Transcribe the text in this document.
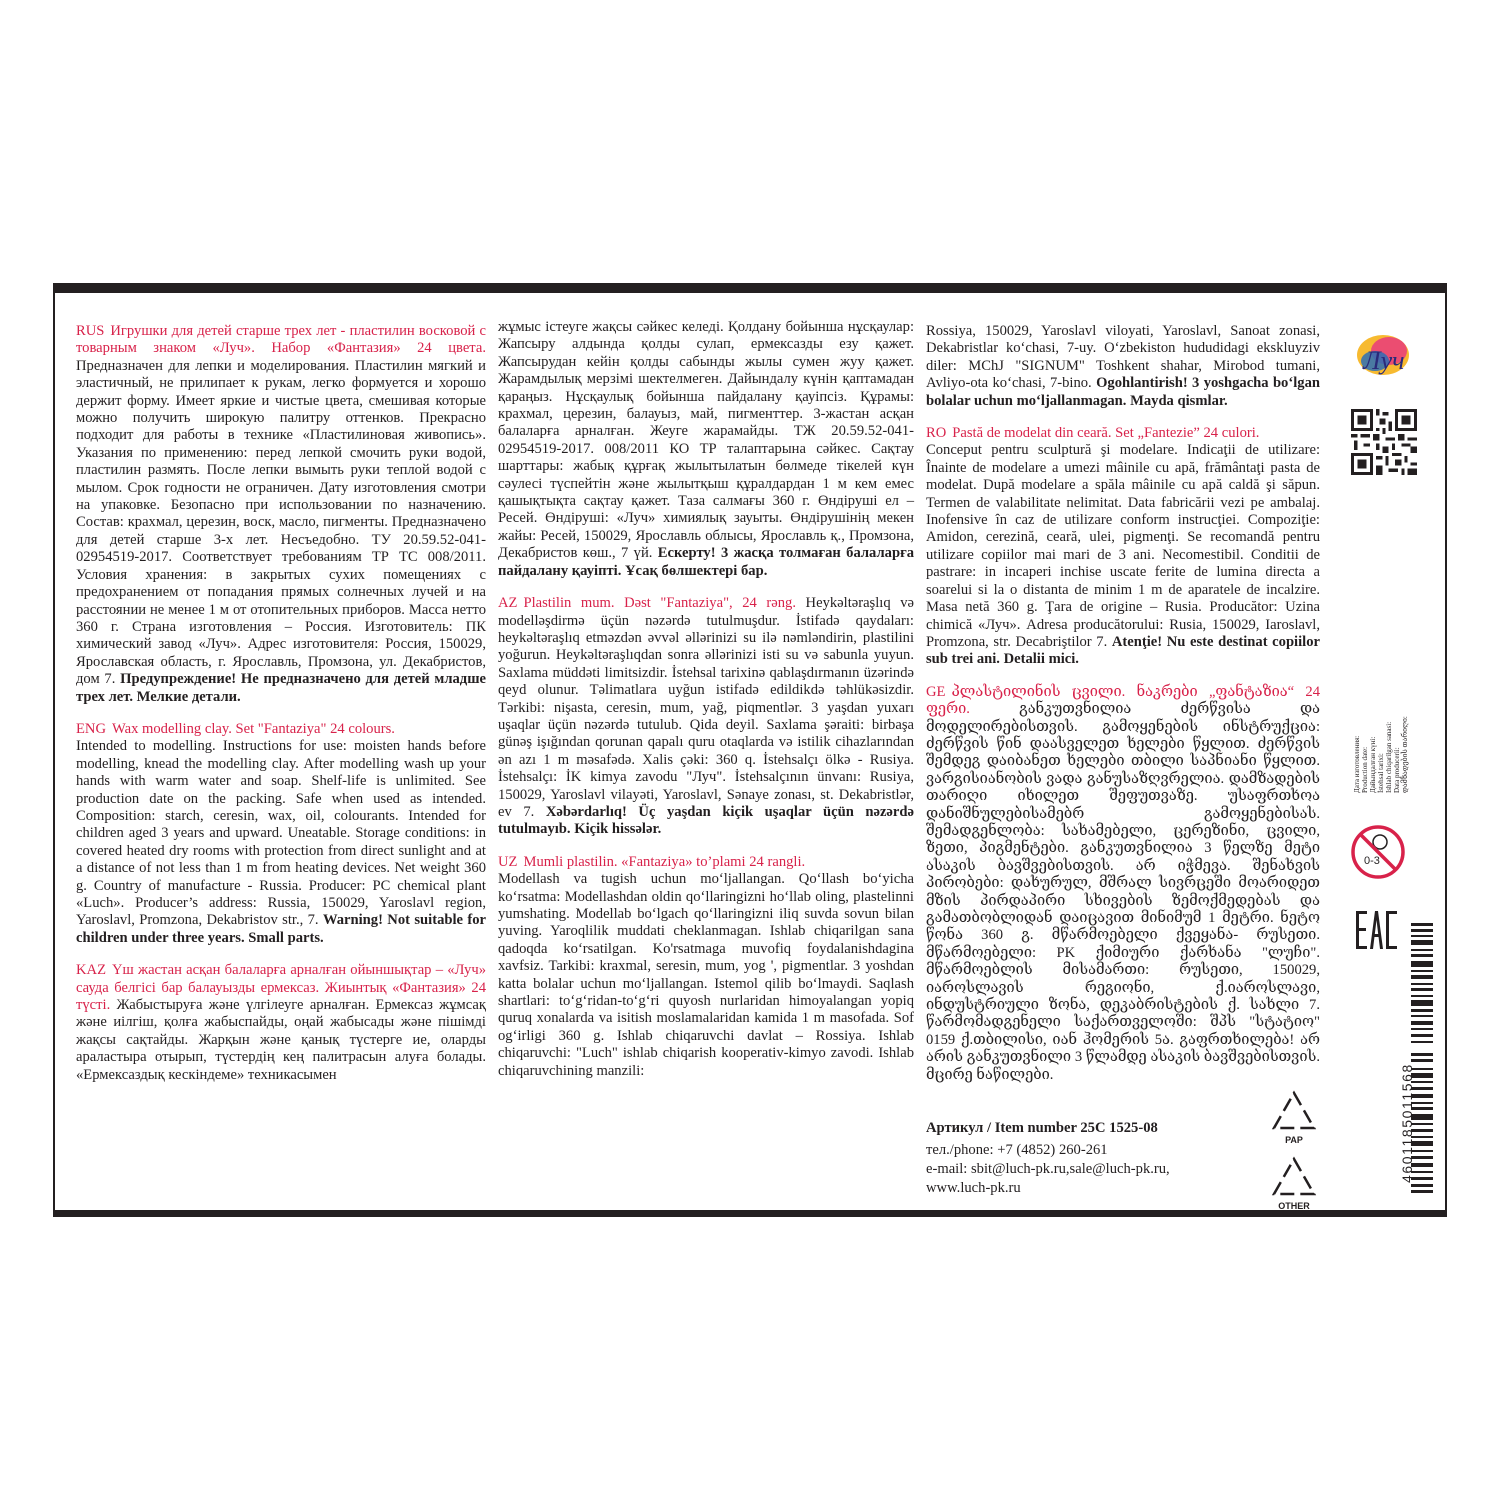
RUS Игрушки для детей старше трех лет - пластилин восковой с товарным знаком «Луч». Набор «Фантазия» 24 цвета. Предназначен для лепки и моделирования. Пластилин мягкий и эластичный, не прилипает к рукам, легко формуется и хорошо держит форму. Имеет яркие и чистые цвета, смешивая которые можно получить широкую палитру оттенков. Прекрасно подходит для работы в технике «Пластилиновая живопись». Указания по применению: перед лепкой смочить руки водой, пластилин размять. После лепки вымыть руки теплой водой с мылом. Срок годности не ограничен. Дату изготовления смотри на упаковке. Безопасно при использовании по назначению. Состав: крахмал, церезин, воск, масло, пигменты. Предназначено для детей старше 3-х лет. Несъедобно. ТУ 20.59.52-041-02954519-2017. Соответствует требованиям ТР ТС 008/2011. Условия хранения: в закрытых сухих помещениях с предохранением от попадания прямых солнечных лучей и на расстоянии не менее 1 м от отопительных приборов. Масса нетто 360 г. Страна изготовления – Россия. Изготовитель: ПК химический завод «Луч». Адрес изготовителя: Россия, 150029, Ярославская область, г. Ярославль, Промзона, ул. Декабристов, дом 7. Предупреждение! Не предназначено для детей младше трех лет. Мелкие детали.

ENG Wax modelling clay. Set "Fantaziya" 24 colours.

Intended to modelling. Instructions for use: moisten hands before modelling, knead the modelling clay. After modelling wash up your hands with warm water and soap. Shelf-life is unlimited. See production date on the packing. Safe when used as intended. Composition: starch, ceresin, wax, oil, colourants. Intended for children aged 3 years and upward. Uneatable. Storage conditions: in covered heated dry rooms with protection from direct sunlight and at a distance of not less than 1 m from heating devices. Net weight 360 g. Country of manufacture - Russia. Producer: PC chemical plant «Luch». Producer’s address: Russia, 150029, Yaroslavl region, Yaroslavl, Promzona, Dekabristov str., 7. Warning! Not suitable for children under three years. Small parts.

KAZ Үш жастан асқан балаларға арналған ойыншықтар – «Луч» сауда белгісі бар балауызды ермексаз. Жиынтық «Фантазия» 24 түсті. Жабыстыруға және үлгілеуге арналған. Ермексаз жұмсақ және иілгіш, қолға жабыспайды, оңай жабысады және пішімді жақсы сақтайды. Жарқын және қанық түстерге ие, оларды араластыра отырып, түстердің кең палитрасын алуға болады. «Ермексаздық кескіндеме» техникасымен

жұмыс істеуге жақсы сәйкес келеді. Қолдану бойынша нұсқаулар: Жапсыру алдында қолды сулап, ермексазды езу қажет. Жапсырудан кейін қолды сабынды жылы сумен жуу қажет. Жарамдылық мерзімі шектелмеген. Дайындалу күнін қаптамадан қараңыз. Нұсқаулық бойынша пайдалану қауіпсіз. Құрамы: крахмал, церезин, балауыз, май, пигменттер. 3-жастан асқан балаларға арналған. Жеуге жарамайды. ТЖ 20.59.52-041-02954519-2017. 008/2011 КО ТР талаптарына сәйкес. Сақтау шарттары: жабық құрғақ жылытылатын бөлмеде тікелей күн сәулесі түспейтін және жылытқыш құралдардан 1 м кем емес қашықтықта сақтау қажет. Таза салмағы 360 г. Өндіруші ел – Ресей. Өндіруші: «Луч» химиялық зауыты. Өндірушінің мекен жайы: Ресей, 150029, Ярославль облысы, Ярославль қ., Промзона, Декабристов көш., 7 үй. Ескерту! 3 жасқа толмаған балаларға пайдалану қауіпті. Ұсақ бөлшектері бар.

AZ Plastilin mum. Dəst "Fantaziya", 24 rəng. Heykəltəraşlıq və modelləşdirmə üçün nəzərdə tutulmuşdur. İstifadə qaydaları: heykəltəraşlıq etməzdən əvvəl əllərinizi su ilə nəmləndirin, plastilini yoğurun. Heykəltəraşlıqdan sonra əllərinizi isti su və sabunla yuyun. Saxlama müddəti limitsizdir. İstehsal tarixinə qablaşdırmanın üzərində qeyd olunur. Təlimatlara uyğun istifadə edildikdə təhlükəsizdir. Tərkibi: nişasta, ceresin, mum, yağ, piqmentlər. 3 yaşdan yuxarı uşaqlar üçün nəzərdə tutulub. Qida deyil. Saxlama şəraiti: birbaşa günəş işığından qorunan qapalı quru otaqlarda və istilik cihazlarından ən azı 1 m məsafədə. Xalis çəki: 360 q. İstehsalçı ölkə - Rusiya. İstehsalçı: İK kimya zavodu "Луч". İstehsalçının ünvanı: Rusiya, 150029, Yaroslavl vilayəti, Yaroslavl, Sənaye zonası, st. Dekabristlər, ev 7. Xəbərdarlıq! Üç yaşdan kiçik uşaqlar üçün nəzərdə tutulmayıb. Kiçik hissələr.

UZ Mumli plastilin. «Fantaziya» to’plami 24 rangli.

Modellash va tugish uchun mo‘ljallangan. Qo‘llash bo‘yicha ko‘rsatma: Modellashdan oldin qo‘llaringizni ho‘llab oling, plastelinni yumshating. Modellab bo‘lgach qo‘llaringizni iliq suvda sovun bilan yuving. Yaroqlilik muddati cheklanmagan. Ishlab chiqarilgan sana qadoqda ko‘rsatilgan. Ko'rsatmaga muvofiq foydalanishdagina xavfsiz. Tarkibi: kraxmal, seresin, mum, yog ', pigmentlar. 3 yoshdan katta bolalar uchun mo‘ljallangan. Istemol qilib bo‘lmaydi. Saqlash shartlari: to‘g‘ridan-to‘g‘ri quyosh nurlaridan himoyalangan yopiq quruq xonalarda va isitish moslamalaridan kamida 1 m masofada. Sof og‘irligi 360 g. Ishlab chiqaruvchi davlat – Rossiya. Ishlab chiqaruvchi: "Luch" ishlab chiqarish kooperativ-kimyo zavodi. Ishlab chiqaruvchining manzili:

Rossiya, 150029, Yaroslavl viloyati, Yaroslavl, Sanoat zonasi, Dekabristlar ko‘chasi, 7-uy. O‘zbekiston hududidagi ekskluyziv diler: MChJ "SIGNUM" Toshkent shahar, Mirobod tumani, Avliyo-ota ko‘chasi, 7-bino. Ogohlantirish! 3 yoshgacha bo‘lgan bolalar uchun mo‘ljallanmagan. Mayda qismlar.

RO Pastă de modelat din ceară. Set „Fantezie” 24 culori.

Conceput pentru sculptură şi modelare. Indicaţii de utilizare: Înainte de modelare a umezi mâinile cu apă, frământaţi pasta de modelat. După modelare a spăla mâinile cu apă caldă şi săpun. Termen de valabilitate nelimitat. Data fabricării vezi pe ambalaj. Inofensive în caz de utilizare conform instrucţiei. Compoziţie: Amidon, cerezină, ceară, ulei, pigmenţi. Se recomandă pentru utilizare copiilor mai mari de 3 ani. Necomestibil. Conditii de pastrare: in incaperi inchise uscate ferite de lumina directa a soarelui si la o distanta de minim 1 m de aparatele de incalzire. Masa netă 360 g. Ţara de origine – Rusia. Producător: Uzina chimică «Луч». Adresa producătorului: Rusia, 150029, Iaroslavl, Promzona, str. Decabriştilor 7. Atenţie! Nu este destinat copiilor sub trei ani. Detalii mici.

GE პლასტილინის ცვილი. ნაკრები „ფანტაზია“ 24 ფერი.	განკუთვნილია ძერწვისა და მოდელირებისთვის. გამოყენების ინსტრუქცია: ძერწვის წინ დაასველეთ ხელები წყლით. ძერწვის შემდეგ დაიბანეთ ხელები თბილი საპნიანი წყლით. ვარგისიანობის ვადა განუსაზღვრელია. დამზადების თარიღი იხილეთ შეფუთვაზე. უსაფრთხოა დანიშნულებისამებრ გამოყენებისას. შემადგენლობა: სახამებელი, ცერეზინი, ცვილი, ზეთი, პიგმენტები. განკუთვნილია 3 წელზე მეტი ასაკის ბავშვებისთვის. არ იჭმევა. შენახვის პირობები: დახურულ, მშრალ სივრცეში მოარიდეთ მზის პირდაპირი სხივების ზემოქმედებას და გამათბობლიდან დაიცავით მინიმუმ 1 მეტრი. ნეტო წონა 360 გ. მწარმოებელი ქვეყანა- რუსეთი. მწარმოებელი: PK ქიმიური ქარხანა "ლუჩი". მწარმოებლის მისამართი: რუსეთი, 150029, იაროსლავის რეგიონი, ქ.იაროსლავი, ინდუსტრიული ზონა, დეკაბრისტების ქ. სახლი 7. წარმომადგენელი საქართველოში: შპს "სტატიო" 0159 ქ.თბილისი, იან ჰომერის 5ა. გაფრთხილება! არ არის განკუთვნილი 3 წლამდე ასაკის ბავშვებისთვის. მცირე ნაწილები.

Артикул / Item number 25С 1525-08
тел./phone: +7 (4852) 260-261
e-mail: sbit@luch-pk.ru,sale@luch-pk.ru,
www.luch-pk.ru
Луч
Дата изготовления: Production date: Дайындалған күні: İstehsal tarixi: Ishlab chiqarilgan sanasi: Data producerii: დამზადების თარიღი:
0-3
4601185011568
PAP
OTHER
